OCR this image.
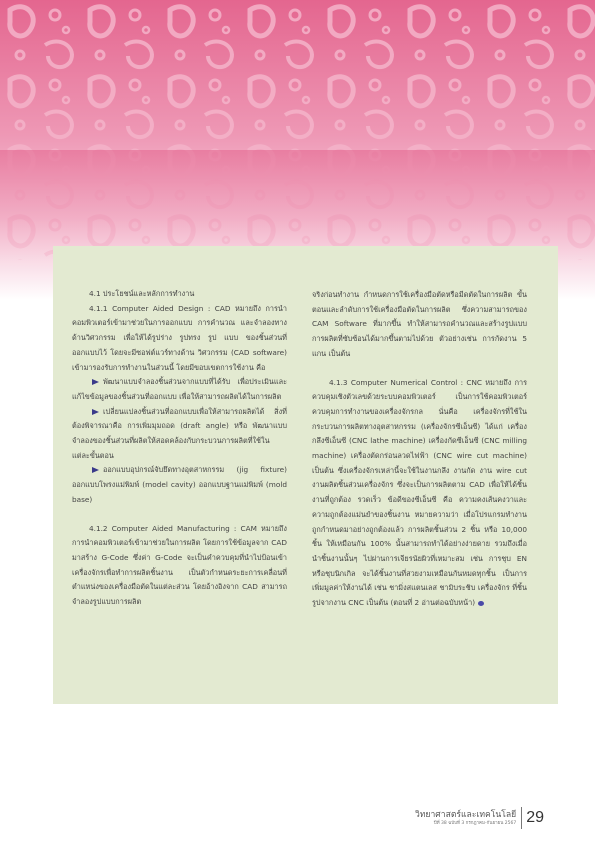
4.1 ประโยชน์และหลักการทำงาน

4.1.1 Computer Aided Design : CAD หมายถึง การนำคอมพิวเตอร์เข้ามาช่วยในการออกแบบ การคำนวณ และจำลองทางด้านวิศวกรรม เพื่อให้ได้รูปร่าง รูปทรง รูป แบบ ของชิ้นส่วนที่ออกแบบไว้ โดยจะมีซอฟต์แวร์ทางด้าน วิศวกรรม (CAD software) เข้ามารองรับการทำงานในส่วนนี้ โดยมีขอบเขตการใช้งาน คือ

พัฒนาแบบจำลองชิ้นส่วนจากแบบที่ได้รับ เพื่อประเมินและแก้ไขข้อมูลของชิ้นส่วนที่ออกแบบ เพื่อให้สามารถผลิตได้ในการผลิต

เปลี่ยนแปลงชิ้นส่วนที่ออกแบบเพื่อให้สามารถผลิตได้ สิ่งที่ต้องพิจารณาคือ การเพิ่มมุมถอด (draft angle) หรือ พัฒนาแบบจำลองของชิ้นส่วนที่ผลิตให้สอดคล้องกับกระบวนการผลิตที่ใช้ในแต่ละขั้นตอน

ออกแบบอุปกรณ์จับยึดทางอุตสาหกรรม (jig fixture) ออกแบบโพรงแม่พิมพ์ (model cavity) ออกแบบฐานแม่พิมพ์ (mold base)

4.1.2 Computer Aided Manufacturing : CAM หมายถึง การนำคอมพิวเตอร์เข้ามาช่วยในการผลิต โดยการใช้ข้อมูลจาก CAD มาสร้าง G-Code ซึ่งค่า G-Code จะเป็นคำควบคุมที่นำไปป้อนเข้าเครื่องจักรเพื่อทำการผลิตชิ้นงาน เป็นตัวกำหนดระยะการเคลื่อนที่ ตำแหน่งของเครื่องมือตัดในแต่ละส่วน โดยอ้างอิงจาก CAD สามารถจำลองรูปแบบการผลิต

จริงก่อนทำงาน กำหนดการใช้เครื่องมือตัดหรือมีดตัดในการผลิต ขั้นตอนและลำดับการใช้เครื่องมือตัดในการผลิต ซึ่งความสามารถของ CAM Software ที่มากขึ้น ทำให้สามารถคำนวณและสร้างรูปแบบการผลิตที่ซับซ้อนได้มากขึ้นตามไปด้วย ตัวอย่างเช่น การกัดงาน 5 แกน เป็นต้น

4.1.3 Computer Numerical Control : CNC หมายถึง การควบคุมเชิงตัวเลขด้วยระบบคอมพิวเตอร์ เป็นการใช้คอมพิวเตอร์ควบคุมการทำงานของเครื่องจักรกล นั่นคือ เครื่องจักรที่ใช้ในกระบวนการผลิตทางอุตสาหกรรม (เครื่องจักรซีเอ็นซี) ได้แก่ เครื่องกลึงซีเอ็นซี (CNC lathe machine) เครื่องกัดซีเอ็นซี (CNC milling machine) เครื่องตัดกร่อนลวดไฟฟ้า (CNC wire cut machine) เป็นต้น ซึ่งเครื่องจักรเหล่านี้จะใช้ในงานกลึง งานกัด งาน wire cut งานผลิตชิ้นส่วนเครื่องจักร ซึ่งจะเป็นการผลิตตาม CAD เพื่อให้ได้ชิ้นงานที่ถูกต้อง รวดเร็ว ข้อดีของซีเอ็นซี คือ ความคงเส้นคงวาและความถูกต้องแม่นยำของชิ้นงาน หมายความว่า เมื่อโปรแกรมทำงานถูกกำหนดมาอย่างถูกต้องแล้ว การผลิตชิ้นส่วน 2 ชิ้น หรือ 10,000 ชิ้น ให้เหมือนกัน 100% นั้นสามารถทำได้อย่างง่ายดาย รวมถึงเมื่อนำชิ้นงานนั้นๆ ไปผ่านการเจียรนัยผิวที่เหมาะสม เช่น การชุบ EN หรือชุบนิกเกิล จะได้ชิ้นงานที่สวยงามเหมือนกันหมดทุกชิ้น เป็นการเพิ่มมูลค่าให้งานได้ เช่น ชามิ่งสแตนเลส ชามิบระชิบ เครื่องจักร ที่ชิ้นรูปจากงาน CNC เป็นต้น (ตอนที่ 2 อ่านต่อฉบับหน้า)

วิทยาศาสตร์และเทคโนโลยี
ปีที่ 38 ฉบับที่ 3 กรกฎาคม-กันยายน 2567 29
